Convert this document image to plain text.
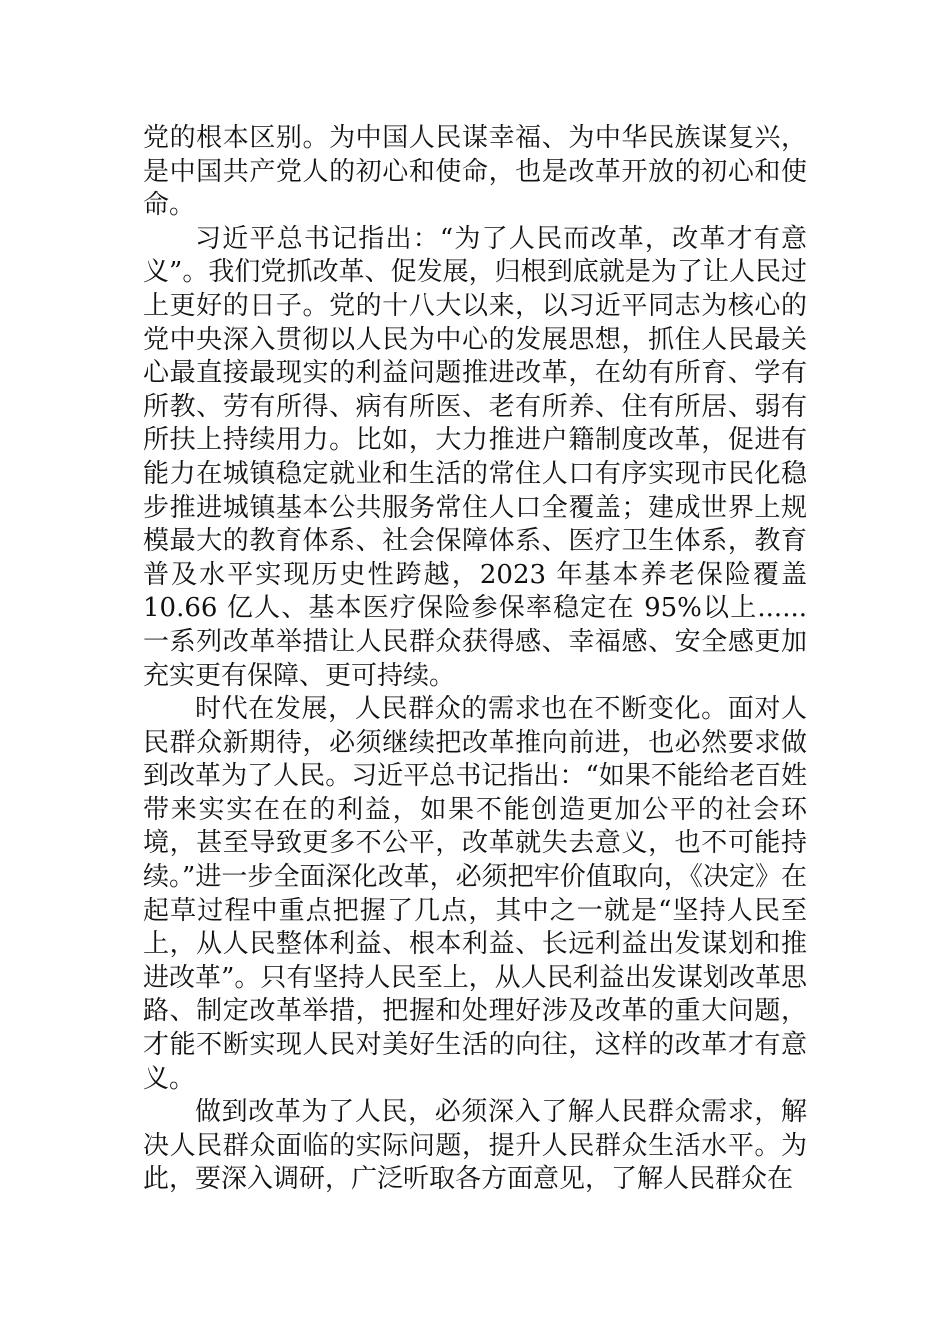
党的根本区别。为中国人民谋幸福、为中华民族谋复兴，是中国共产党人的初心和使命，也是改革开放的初心和使命。

习近平总书记指出：“为了人民而改革，改革才有意义”。我们党抓改革、促发展，归根到底就是为了让人民过上更好的日子。党的十八大以来，以习近平同志为核心的党中央深入贯彻以人民为中心的发展思想，抓住人民最关心最直接最现实的利益问题推进改革，在幼有所育、学有所教、劳有所得、病有所医、老有所养、住有所居、弱有所扶上持续用力。比如，大力推进户籍制度改革，促进有能力在城镇稳定就业和生活的常住人口有序实现市民化稳步推进城镇基本公共服务常住人口全覆盖；建成世界上规模最大的教育体系、社会保障体系、医疗卫生体系，教育普及水平实现历史性跨越，2023 年基本养老保险覆盖 10.66 亿人、基本医疗保险参保率稳定在 95%以上......一系列改革举措让人民群众获得感、幸福感、安全感更加充实更有保障、更可持续。

时代在发展，人民群众的需求也在不断变化。面对人民群众新期待，必须继续把改革推向前进，也必然要求做到改革为了人民。习近平总书记指出：“如果不能给老百姓带来实实在在的利益，如果不能创造更加公平的社会环境，甚至导致更多不公平，改革就失去意义，也不可能持续。”进一步全面深化改革，必须把牢价值取向，《决定》在起草过程中重点把握了几点，其中之一就是“坚持人民至上，从人民整体利益、根本利益、长远利益出发谋划和推进改革”。只有坚持人民至上，从人民利益出发谋划改革思路、制定改革举措，把握和处理好涉及改革的重大问题，才能不断实现人民对美好生活的向往，这样的改革才有意义。

做到改革为了人民，必须深入了解人民群众需求，解决人民群众面临的实际问题，提升人民群众生活水平。为此，要深入调研，广泛听取各方面意见，了解人民群众在
